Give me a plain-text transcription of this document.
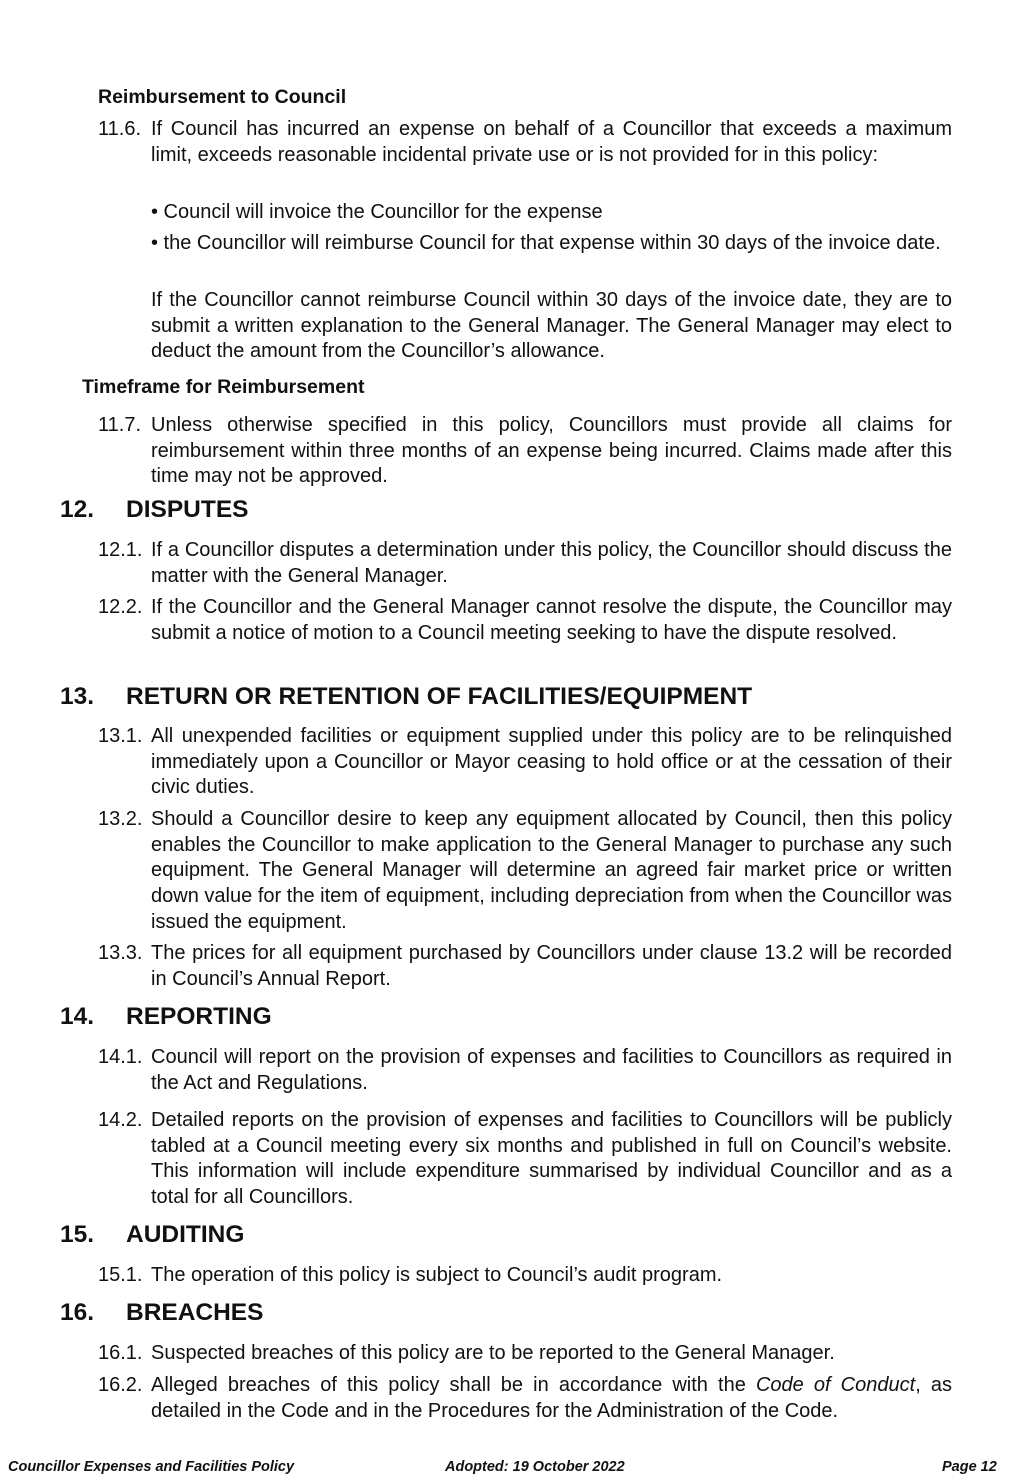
Reimbursement to Council
11.6. If Council has incurred an expense on behalf of a Councillor that exceeds a maximum limit, exceeds reasonable incidental private use or is not provided for in this policy:
• Council will invoice the Councillor for the expense
• the Councillor will reimburse Council for that expense within 30 days of the invoice date.
If the Councillor cannot reimburse Council within 30 days of the invoice date, they are to submit a written explanation to the General Manager. The General Manager may elect to deduct the amount from the Councillor’s allowance.
Timeframe for Reimbursement
11.7. Unless otherwise specified in this policy, Councillors must provide all claims for reimbursement within three months of an expense being incurred. Claims made after this time may not be approved.
12. DISPUTES
12.1. If a Councillor disputes a determination under this policy, the Councillor should discuss the matter with the General Manager.
12.2. If the Councillor and the General Manager cannot resolve the dispute, the Councillor may submit a notice of motion to a Council meeting seeking to have the dispute resolved.
13. RETURN OR RETENTION OF FACILITIES/EQUIPMENT
13.1. All unexpended facilities or equipment supplied under this policy are to be relinquished immediately upon a Councillor or Mayor ceasing to hold office or at the cessation of their civic duties.
13.2. Should a Councillor desire to keep any equipment allocated by Council, then this policy enables the Councillor to make application to the General Manager to purchase any such equipment. The General Manager will determine an agreed fair market price or written down value for the item of equipment, including depreciation from when the Councillor was issued the equipment.
13.3. The prices for all equipment purchased by Councillors under clause 13.2 will be recorded in Council’s Annual Report.
14. REPORTING
14.1. Council will report on the provision of expenses and facilities to Councillors as required in the Act and Regulations.
14.2. Detailed reports on the provision of expenses and facilities to Councillors will be publicly tabled at a Council meeting every six months and published in full on Council’s website. This information will include expenditure summarised by individual Councillor and as a total for all Councillors.
15. AUDITING
15.1. The operation of this policy is subject to Council’s audit program.
16. BREACHES
16.1. Suspected breaches of this policy are to be reported to the General Manager.
16.2. Alleged breaches of this policy shall be in accordance with the Code of Conduct, as detailed in the Code and in the Procedures for the Administration of the Code.
Councillor Expenses and Facilities Policy	Adopted: 19 October 2022	Page 12
